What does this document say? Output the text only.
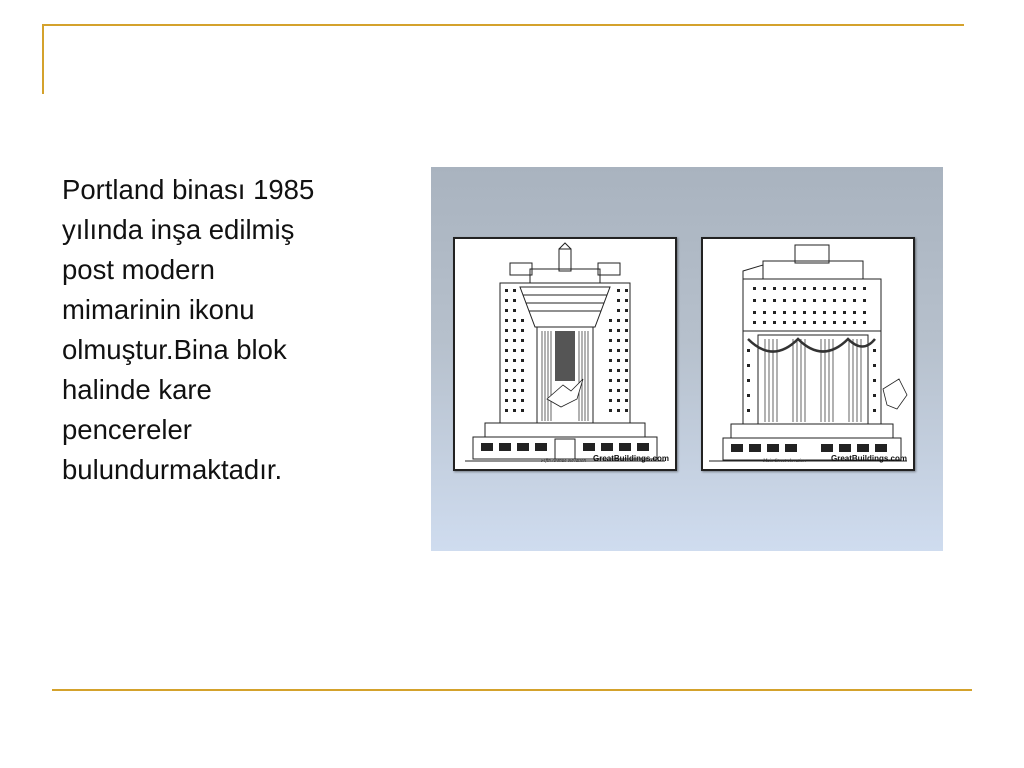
Portland binası 1985
yılında inşa edilmiş
post modern
mimarinin ikonu
olmuştur.Bina blok
halinde kare
pencereler
bulundurmaktadır.	Fifth Avenue elevation GreatBuildings.com	Main Street elevation	GreatBuildings.com
